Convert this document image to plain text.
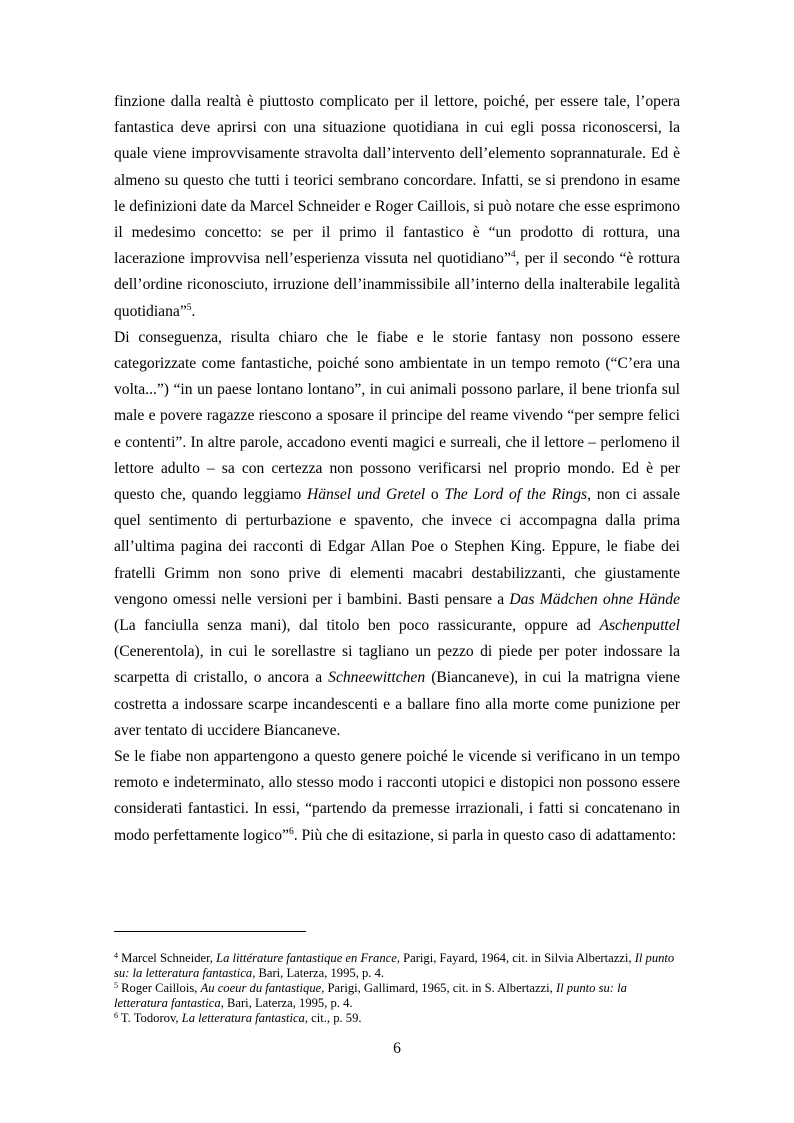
finzione dalla realtà è piuttosto complicato per il lettore, poiché, per essere tale, l’opera fantastica deve aprirsi con una situazione quotidiana in cui egli possa riconoscersi, la quale viene improvvisamente stravolta dall’intervento dell’elemento soprannaturale. Ed è almeno su questo che tutti i teorici sembrano concordare. Infatti, se si prendono in esame le definizioni date da Marcel Schneider e Roger Caillois, si può notare che esse esprimono il medesimo concetto: se per il primo il fantastico è “un prodotto di rottura, una lacerazione improvvisa nell’esperienza vissuta nel quotidiano”$^4$, per il secondo “è rottura dell’ordine riconosciuto, irruzione dell’inammissibile all’interno della inalterabile legalità quotidiana”$^5$.

Di conseguenza, risulta chiaro che le fiabe e le storie fantasy non possono essere categorizzate come fantastiche, poiché sono ambientate in un tempo remoto (“C’era una volta...”) “in un paese lontano lontano”, in cui animali possono parlare, il bene trionfa sul male e povere ragazze riescono a sposare il principe del reame vivendo “per sempre felici e contenti”. In altre parole, accadono eventi magici e surreali, che il lettore – perlomeno il lettore adulto – sa con certezza non possono verificarsi nel proprio mondo. Ed è per questo che, quando leggiamo Hänsel und Gretel o The Lord of the Rings, non ci assale quel sentimento di perturbazione e spavento, che invece ci accompagna dalla prima all’ultima pagina dei racconti di Edgar Allan Poe o Stephen King. Eppure, le fiabe dei fratelli Grimm non sono prive di elementi macabri destabilizzanti, che giustamente vengono omessi nelle versioni per i bambini. Basti pensare a Das Mädchen ohne Hände (La fanciulla senza mani), dal titolo ben poco rassicurante, oppure ad Aschenputtel (Cenerentola), in cui le sorellastre si tagliano un pezzo di piede per poter indossare la scarpetta di cristallo, o ancora a Schneewittchen (Biancaneve), in cui la matrigna viene costretta a indossare scarpe incandescenti e a ballare fino alla morte come punizione per aver tentato di uccidere Biancaneve.

Se le fiabe non appartengono a questo genere poiché le vicende si verificano in un tempo remoto e indeterminato, allo stesso modo i racconti utopici e distopici non possono essere considerati fantastici. In essi, “partendo da premesse irrazionali, i fatti si concatenano in modo perfettamente logico”$^6$. Più che di esitazione, si parla in questo caso di adattamento:

$^4$ Marcel Schneider, La littérature fantastique en France, Parigi, Fayard, 1964, cit. in Silvia Albertazzi, Il punto su: la letteratura fantastica, Bari, Laterza, 1995, p. 4.

$^5$ Roger Caillois, Au coeur du fantastique, Parigi, Gallimard, 1965, cit. in S. Albertazzi, Il punto su: la letteratura fantastica, Bari, Laterza, 1995, p. 4.

$^6$ T. Todorov, La letteratura fantastica, cit., p. 59.

6
